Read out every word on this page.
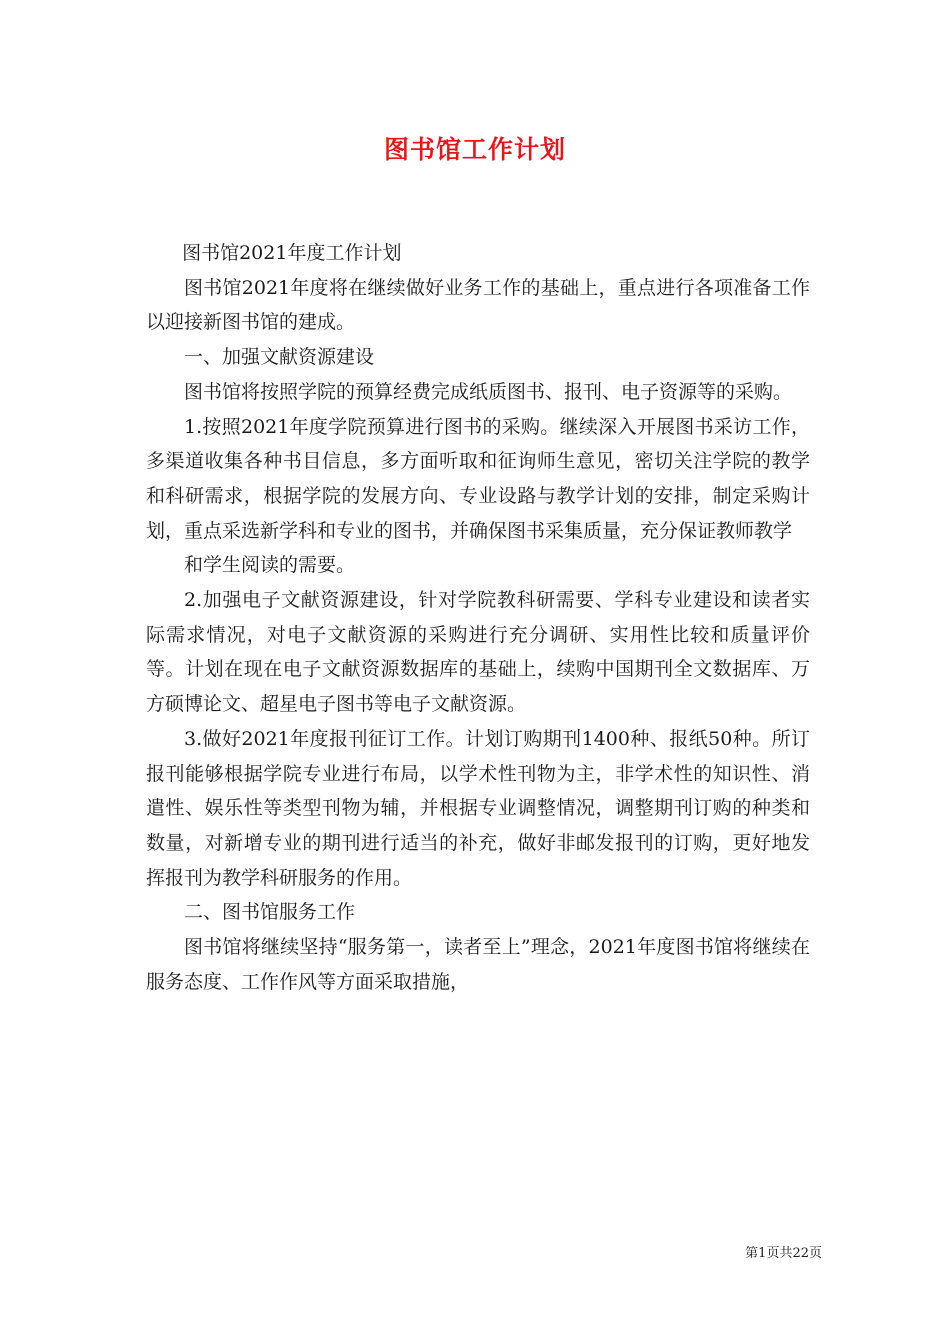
图书馆工作计划

图书馆2021年度工作计划

图书馆2021年度将在继续做好业务工作的基础上，重点进行各项准备工作以迎接新图书馆的建成。

一、加强文献资源建设

图书馆将按照学院的预算经费完成纸质图书、报刊、电子资源等的采购。

1.按照2021年度学院预算进行图书的采购。继续深入开展图书采访工作，多渠道收集各种书目信息，多方面听取和征询师生意见，密切关注学院的教学和科研需求，根据学院的发展方向、专业设路与教学计划的安排，制定采购计划，重点采选新学科和专业的图书，并确保图书采集质量，充分保证教师教学

和学生阅读的需要。

2.加强电子文献资源建设，针对学院教科研需要、学科专业建设和读者实际需求情况，对电子文献资源的采购进行充分调研、实用性比较和质量评价等。计划在现在电子文献资源数据库的基础上，续购中国期刊全文数据库、万方硕博论文、超星电子图书等电子文献资源。

3.做好2021年度报刊征订工作。计划订购期刊1400种、报纸50种。所订报刊能够根据学院专业进行布局，以学术性刊物为主，非学术性的知识性、消遣性、娱乐性等类型刊物为辅，并根据专业调整情况，调整期刊订购的种类和数量，对新增专业的期刊进行适当的补充，做好非邮发报刊的订购，更好地发挥报刊为教学科研服务的作用。

二、图书馆服务工作

图书馆将继续坚持“服务第一，读者至上”理念，2021年度图书馆将继续在服务态度、工作作风等方面采取措施，

第1页共22页
